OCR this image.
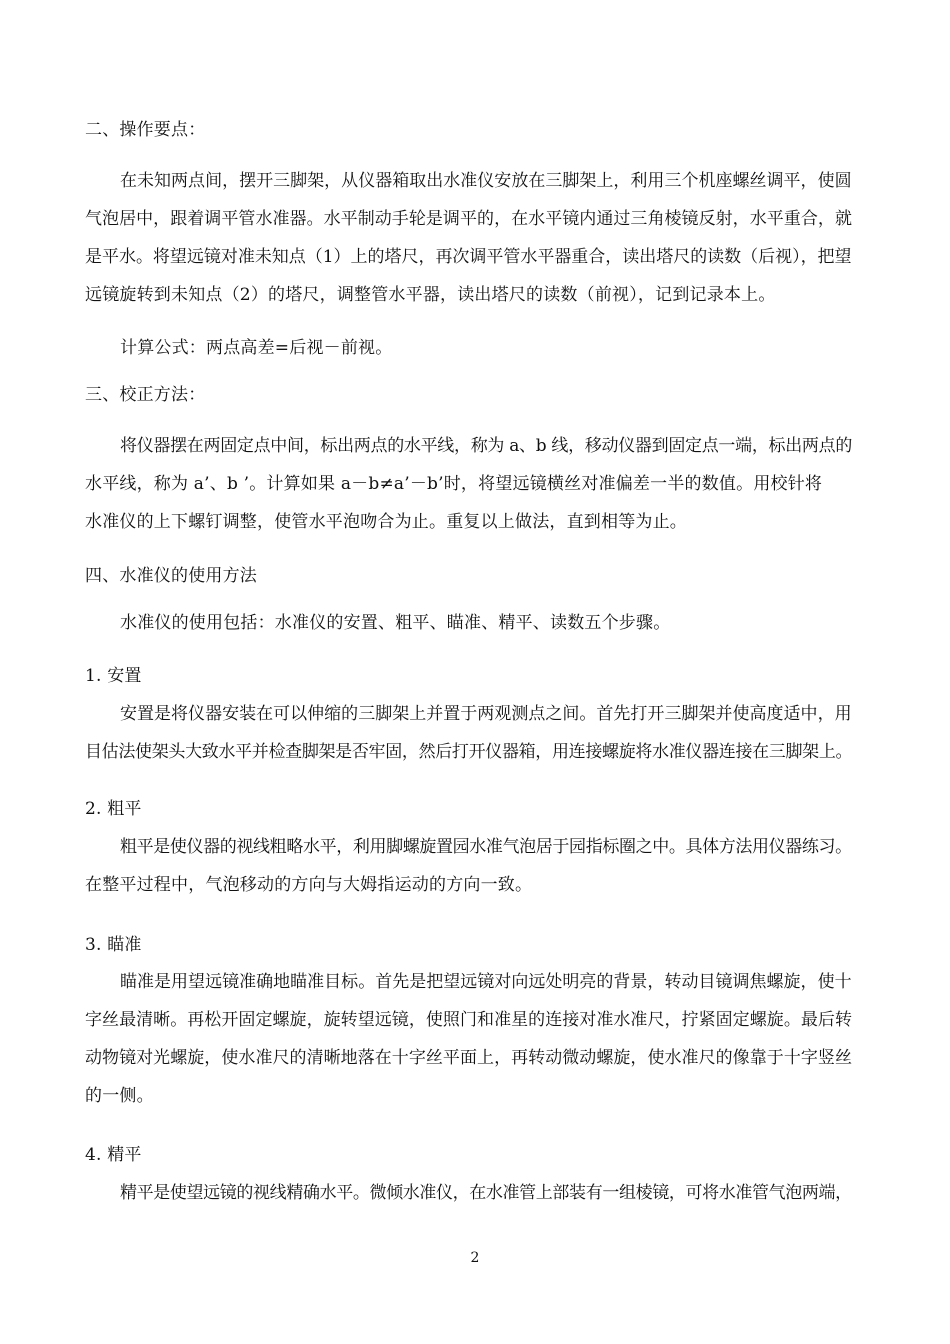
二、操作要点：
在未知两点间，摆开三脚架，从仪器箱取出水准仪安放在三脚架上，利用三个机座螺丝调平，使圆
气泡居中，跟着调平管水准器。水平制动手轮是调平的，在水平镜内通过三角棱镜反射，水平重合，就
是平水。将望远镜对准未知点（1）上的塔尺，再次调平管水平器重合，读出塔尺的读数（后视），把望
远镜旋转到未知点（2）的塔尺，调整管水平器，读出塔尺的读数（前视），记到记录本上。
计算公式：两点高差=后视－前视。
三、校正方法：
将仪器摆在两固定点中间，标出两点的水平线，称为 a、b 线，移动仪器到固定点一端，标出两点的
水平线，称为 a’、b ’。计算如果 a－b≠a’－b’时，将望远镜横丝对准偏差一半的数值。用校针将
水准仪的上下螺钉调整，使管水平泡吻合为止。重复以上做法，直到相等为止。
四、水准仪的使用方法
水准仪的使用包括：水准仪的安置、粗平、瞄准、精平、读数五个步骤。
1. 安置
安置是将仪器安装在可以伸缩的三脚架上并置于两观测点之间。首先打开三脚架并使高度适中，用
目估法使架头大致水平并检查脚架是否牢固，然后打开仪器箱，用连接螺旋将水准仪器连接在三脚架上。
2. 粗平
粗平是使仪器的视线粗略水平，利用脚螺旋置园水准气泡居于园指标圈之中。具体方法用仪器练习。
在整平过程中，气泡移动的方向与大姆指运动的方向一致。
3. 瞄准
瞄准是用望远镜准确地瞄准目标。首先是把望远镜对向远处明亮的背景，转动目镜调焦螺旋，使十
字丝最清晰。再松开固定螺旋，旋转望远镜，使照门和准星的连接对准水准尺，拧紧固定螺旋。最后转
动物镜对光螺旋，使水准尺的清晰地落在十字丝平面上，再转动微动螺旋，使水准尺的像靠于十字竖丝
的一侧。
4. 精平
精平是使望远镜的视线精确水平。微倾水准仪，在水准管上部装有一组棱镜，可将水准管气泡两端，
2
